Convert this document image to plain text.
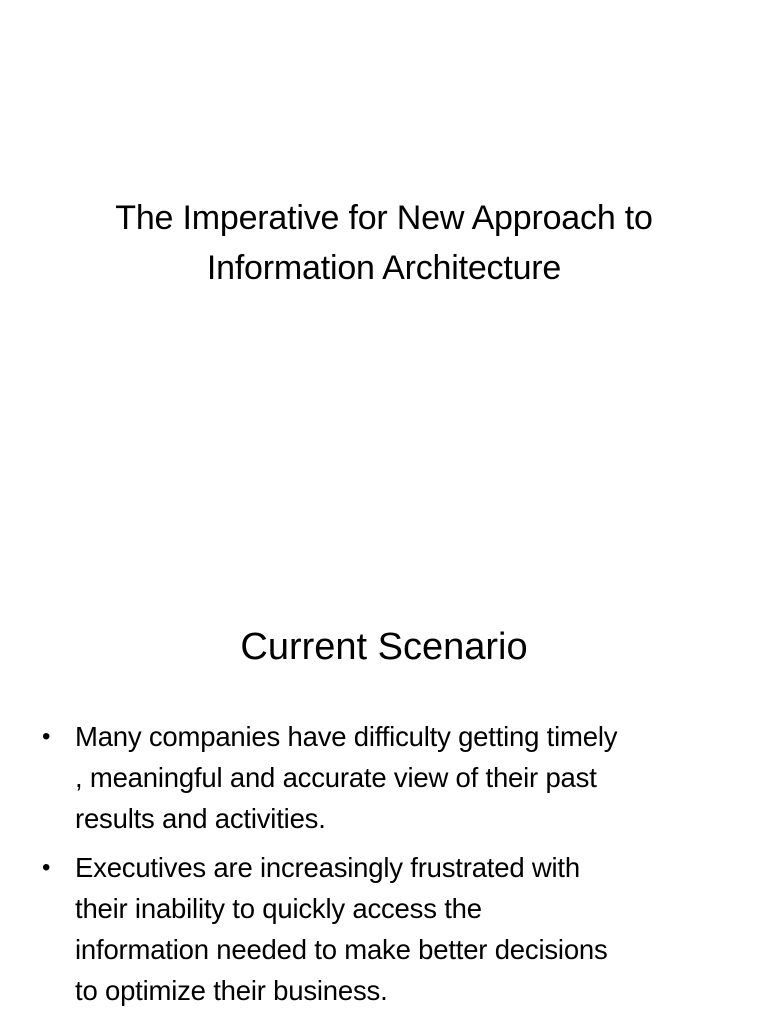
The Imperative for New Approach to
Information Architecture
Current Scenario
• Many companies have difficulty getting timely
, meaningful and accurate view of their past
results and activities.
• Executives are increasingly frustrated with
their inability to quickly access the
information needed to make better decisions
to optimize their business.
